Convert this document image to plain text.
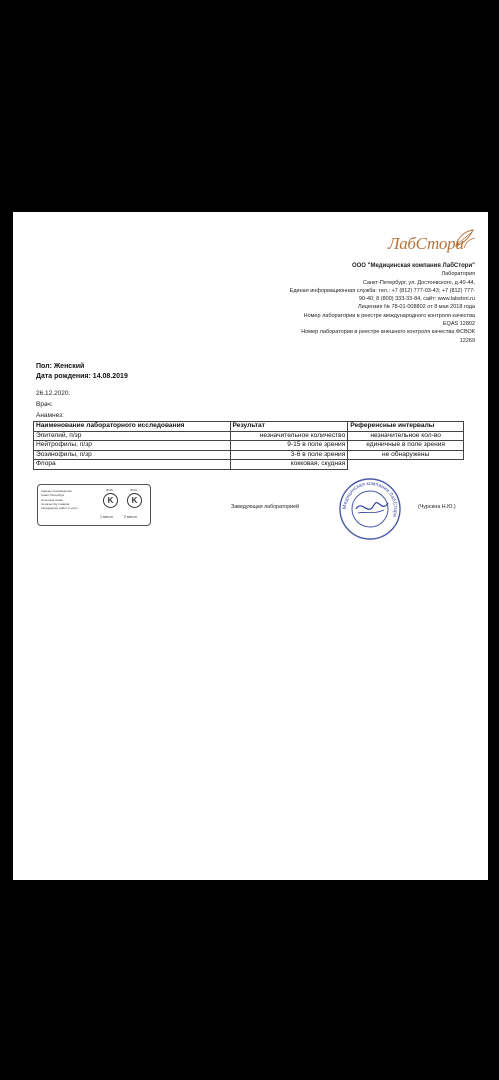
ЛабСтори
ООО "Медицинская компания ЛабСтори"
Лаборатория
Санкт-Петербург, ул. Достоевского, д.40-44,
Единая информационная служба: тел.: +7 (812) 777-03-43; +7 (812) 777-
90-40; 8 (800) 333-33-84, сайт: www.labstori.ru
Лицензия № 78-01-008802 от 8 мая 2018 года
Номер лаборатории в реестре международного контроля качества
EQAS 12802
Номер лаборатории в реестре внешнего контроля качества ФСВОК
12269
Пол: Женский
Дата рождения: 14.08.2019
26.12.2020.
Врач:
Анамнез:
Наименование лабораторного исследования	Результат	Референсные интервалы
Эпителий, п/зр	незначительное количество	незначительное кол-во
Нейтрофилы, п/зр	9-15 в поле зрения	единичные в поле зрения
Эозинофилы, п/зр	3-6 в поле зрения	не обнаружены
Флора	кокковая, скудная	
лидеры производства
Санкт-Петербург
почетные знаки
по качеству товаров
(продукции), работ и услуг
2015	2014
K	K
1 место	2 место
Заведующая лабораторией	Медицинская компания ЛабСтори
(Чурсина Н.Ю.)
